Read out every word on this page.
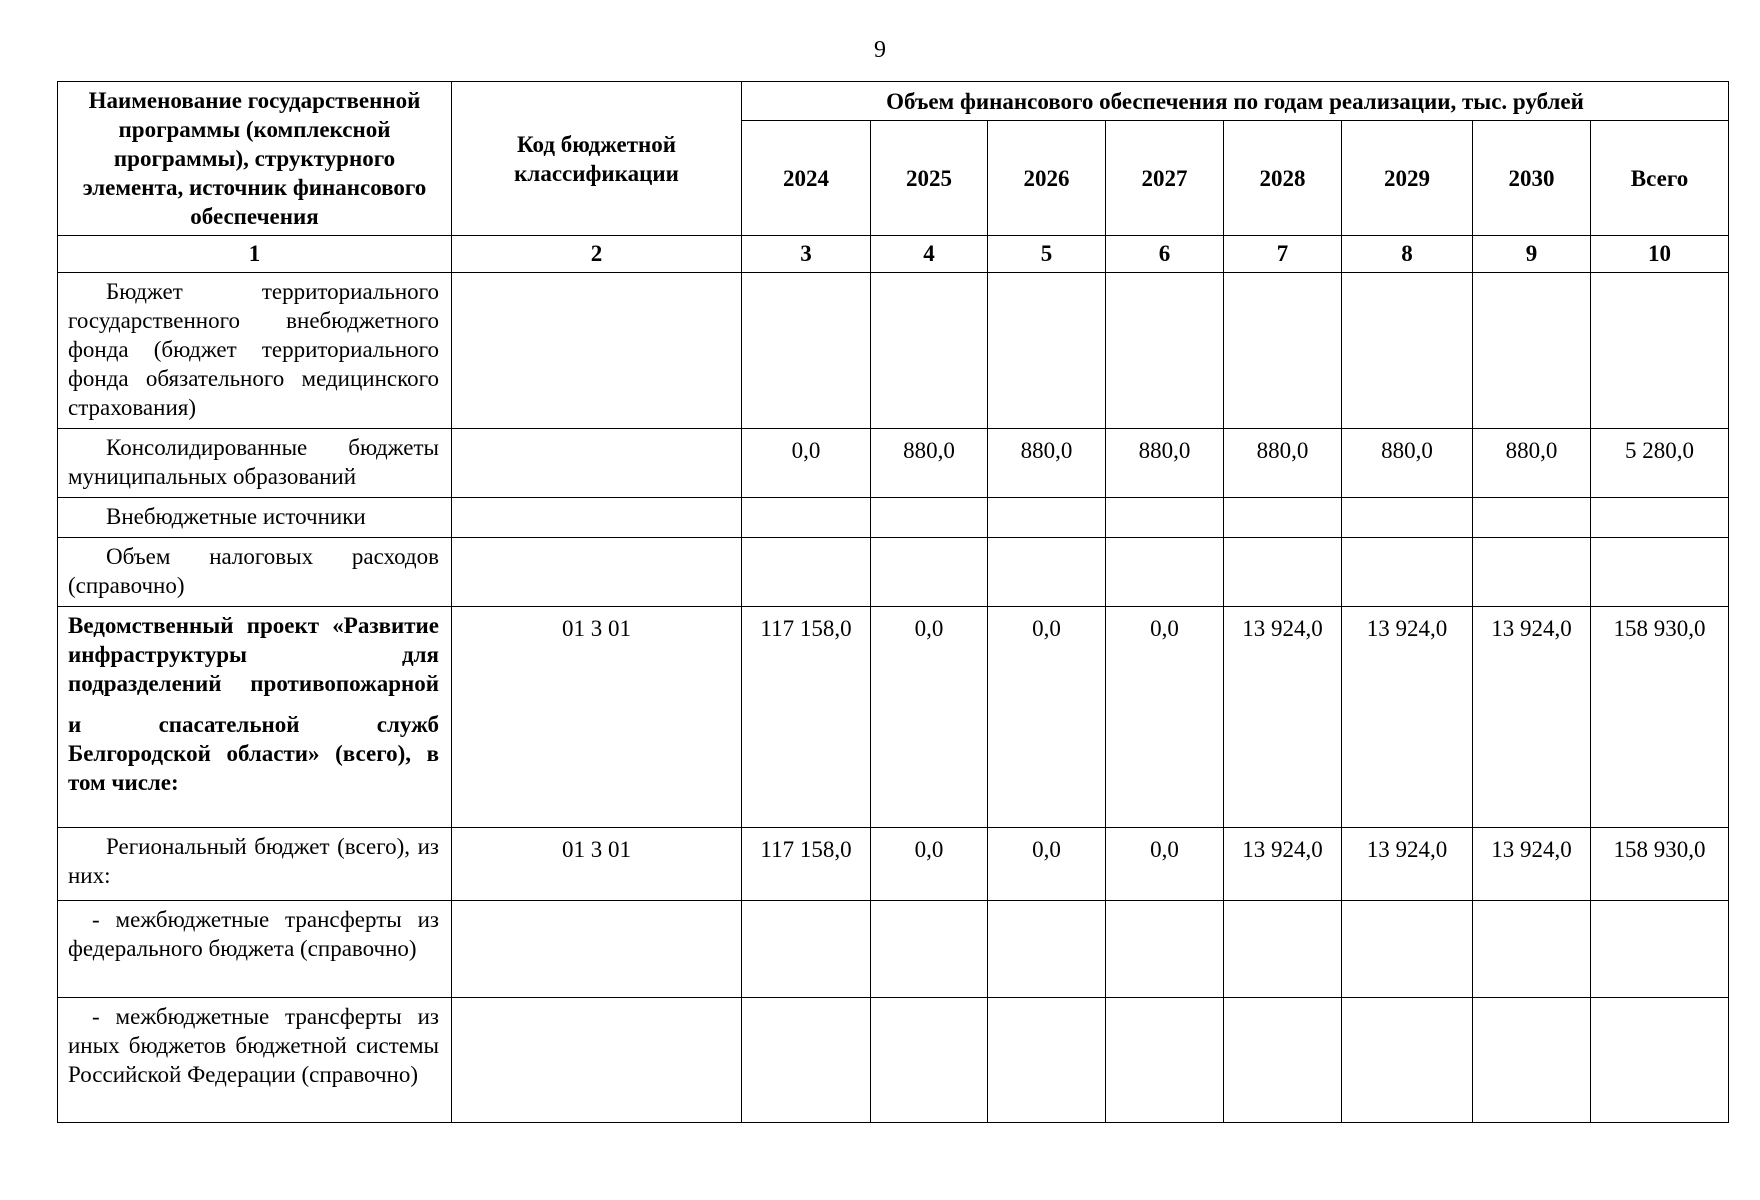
9
Наименование государственной программы (комплексной программы), структурного элемента, источник финансового обеспечения	Код бюджетной классификации	Объем финансового обеспечения по годам реализации, тыс. рублей							
		2024	2025	2026	2027	2028	2029	2030	Всего
1	2	3	4	5	6	7	8	9	10

Бюджет территориального государственного внебюджетного фонда (бюджет территориального фонда обязательного медицинского страхования)									

Консолидированные бюджеты муниципальных образований		0,0	880,0	880,0	880,0	880,0	880,0	880,0	5 280,0

Внебюджетные источники									

Объем налоговых расходов (справочно)									

Ведомственный проект «Развитие инфраструктуры для подразделений противопожарной

и спасательной служб Белгородской области» (всего), в том числе:	01 3 01	117 158,0	0,0	0,0	0,0	13 924,0	13 924,0	13 924,0	158 930,0

Региональный бюджет (всего), из них:	01 3 01	117 158,0	0,0	0,0	0,0	13 924,0	13 924,0	13 924,0	158 930,0

- межбюджетные трансферты из федерального бюджета (справочно)									

- межбюджетные трансферты из иных бюджетов бюджетной системы Российской Федерации (справочно)									
